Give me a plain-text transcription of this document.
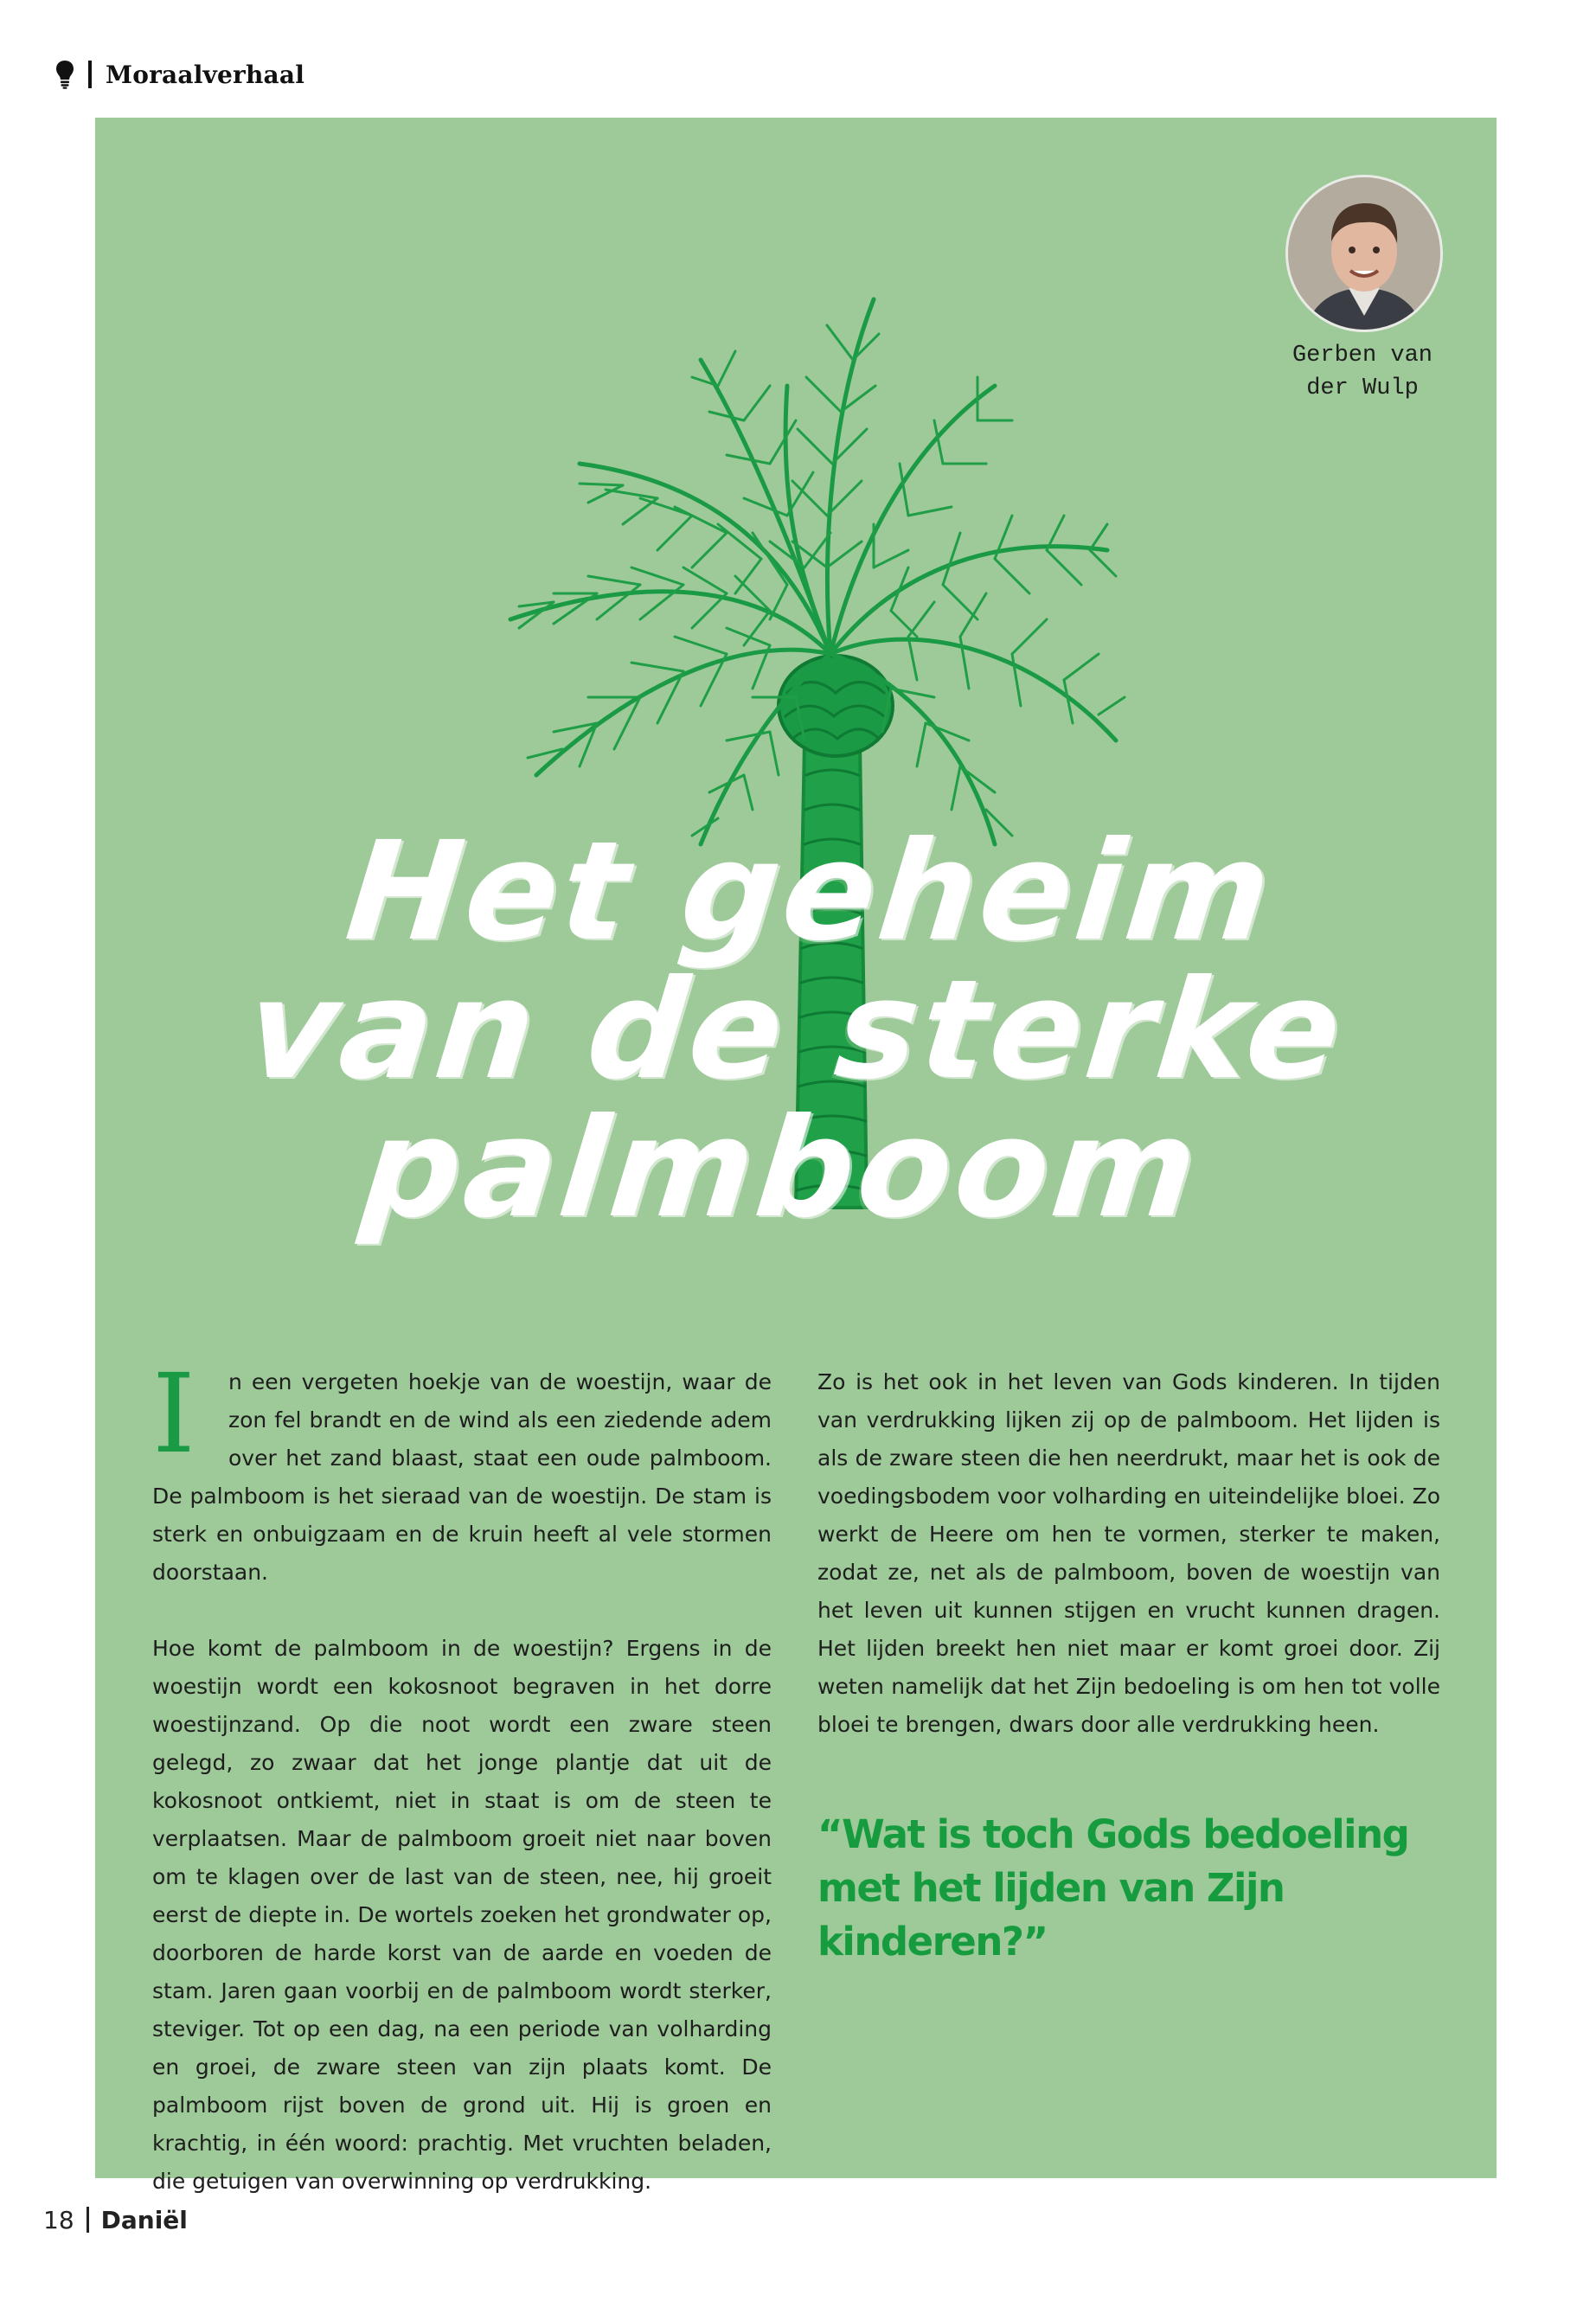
Moraalverhaal
Gerben van
der Wulp
Het geheim
van de sterke
palmboom

I n een vergeten hoekje van de woestijn, waar de zon fel brandt en de wind als een ziedende adem over het zand blaast, staat een oude palmboom. De palmboom is het sieraad van de woestijn. De stam is sterk en onbuigzaam en de kruin heeft al vele stormen doorstaan.

Hoe komt de palmboom in de woestijn? Ergens in de woestijn wordt een kokosnoot begraven in het dorre woestijnzand. Op die noot wordt een zware steen gelegd, zo zwaar dat het jonge plantje dat uit de kokosnoot ontkiemt, niet in staat is om de steen te verplaatsen. Maar de palmboom groeit niet naar boven om te klagen over de last van de steen, nee, hij groeit eerst de diepte in. De wortels zoeken het grondwater op, doorboren de harde korst van de aarde en voeden de stam. Jaren gaan voorbij en de palmboom wordt sterker, steviger. Tot op een dag, na een periode van volharding en groei, de zware steen van zijn plaats komt. De palmboom rijst boven de grond uit. Hij is groen en krachtig, in één woord: prachtig. Met vruchten beladen, die getuigen van overwinning op verdrukking.

Zo is het ook in het leven van Gods kinderen. In tijden van verdrukking lijken zij op de palmboom. Het lijden is als de zware steen die hen neerdrukt, maar het is ook de voedingsbodem voor volharding en uiteindelijke bloei. Zo werkt de Heere om hen te vormen, sterker te maken, zodat ze, net als de palmboom, boven de woestijn van het leven uit kunnen stijgen en vrucht kunnen dragen. Het lijden breekt hen niet maar er komt groei door. Zij weten namelijk dat het Zijn bedoeling is om hen tot volle bloei te brengen, dwars door alle verdrukking heen.

“Wat is toch Gods bedoeling
met het lijden van Zijn kinderen?”
18 Daniël
